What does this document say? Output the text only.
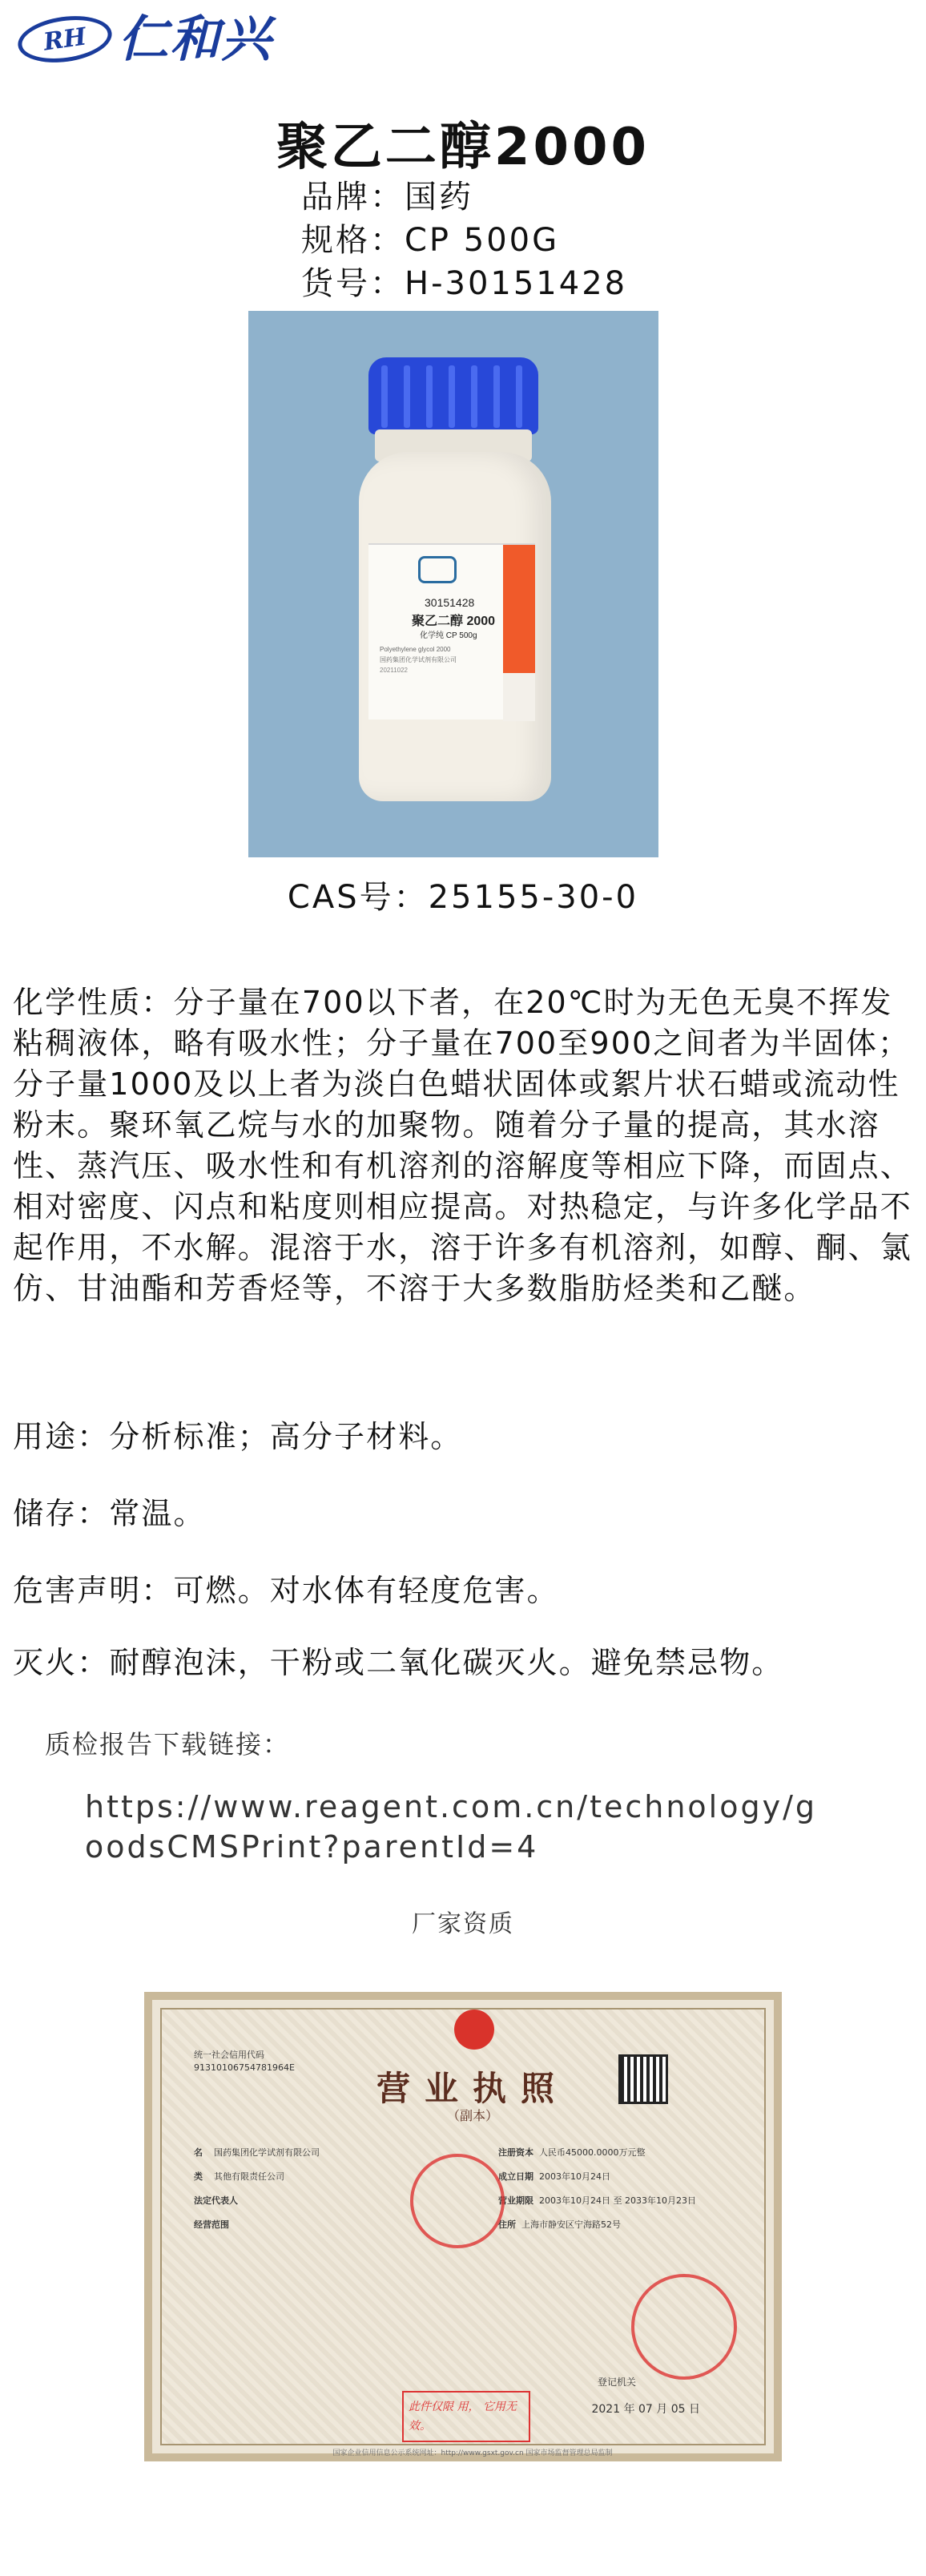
RH 仁和兴
聚乙二醇2000
品牌：国药
规格：CP 500G
货号：H-30151428
30151428
聚乙二醇 2000
化学纯 CP 500g
Polyethylene glycol 2000
国药集团化学试剂有限公司
20211022
CAS号：25155-30-0
化学性质：分子量在700以下者，在20℃时为无色无臭不挥发粘稠液体，略有吸水性；分子量在700至900之间者为半固体；分子量1000及以上者为淡白色蜡状固体或絮片状石蜡或流动性粉末。聚环氧乙烷与水的加聚物。随着分子量的提高，其水溶性、蒸汽压、吸水性和有机溶剂的溶解度等相应下降，而固点、相对密度、闪点和粘度则相应提高。对热稳定，与许多化学品不起作用，不水解。混溶于水，溶于许多有机溶剂，如醇、酮、氯仿、甘油酯和芳香烃等，不溶于大多数脂肪烃类和乙醚。
用途：分析标准；高分子材料。
储存：常温。
危害声明：可燃。对水体有轻度危害。
灭火：耐醇泡沫，干粉或二氧化碳灭火。避免禁忌物。
质检报告下载链接：
https://www.reagent.com.cn/technology/goodsCMSPrint?parentId=4
厂家资质
营业执照
（副本）
统一社会信用代码
91310106754781964E
名 国药集团化学试剂有限公司
类 其他有限责任公司
法定代表人
经营范围
注册资本 人民币45000.0000万元整
成立日期 2003年10月24日
营业期限 2003年10月24日 至 2033年10月23日
住所 上海市静安区宁海路52号
登记机关
此件仅限 用， 它用无效。
2021 年 07 月 05 日
国家企业信用信息公示系统网址：http://www.gsxt.gov.cn 国家市场监督管理总局监制
